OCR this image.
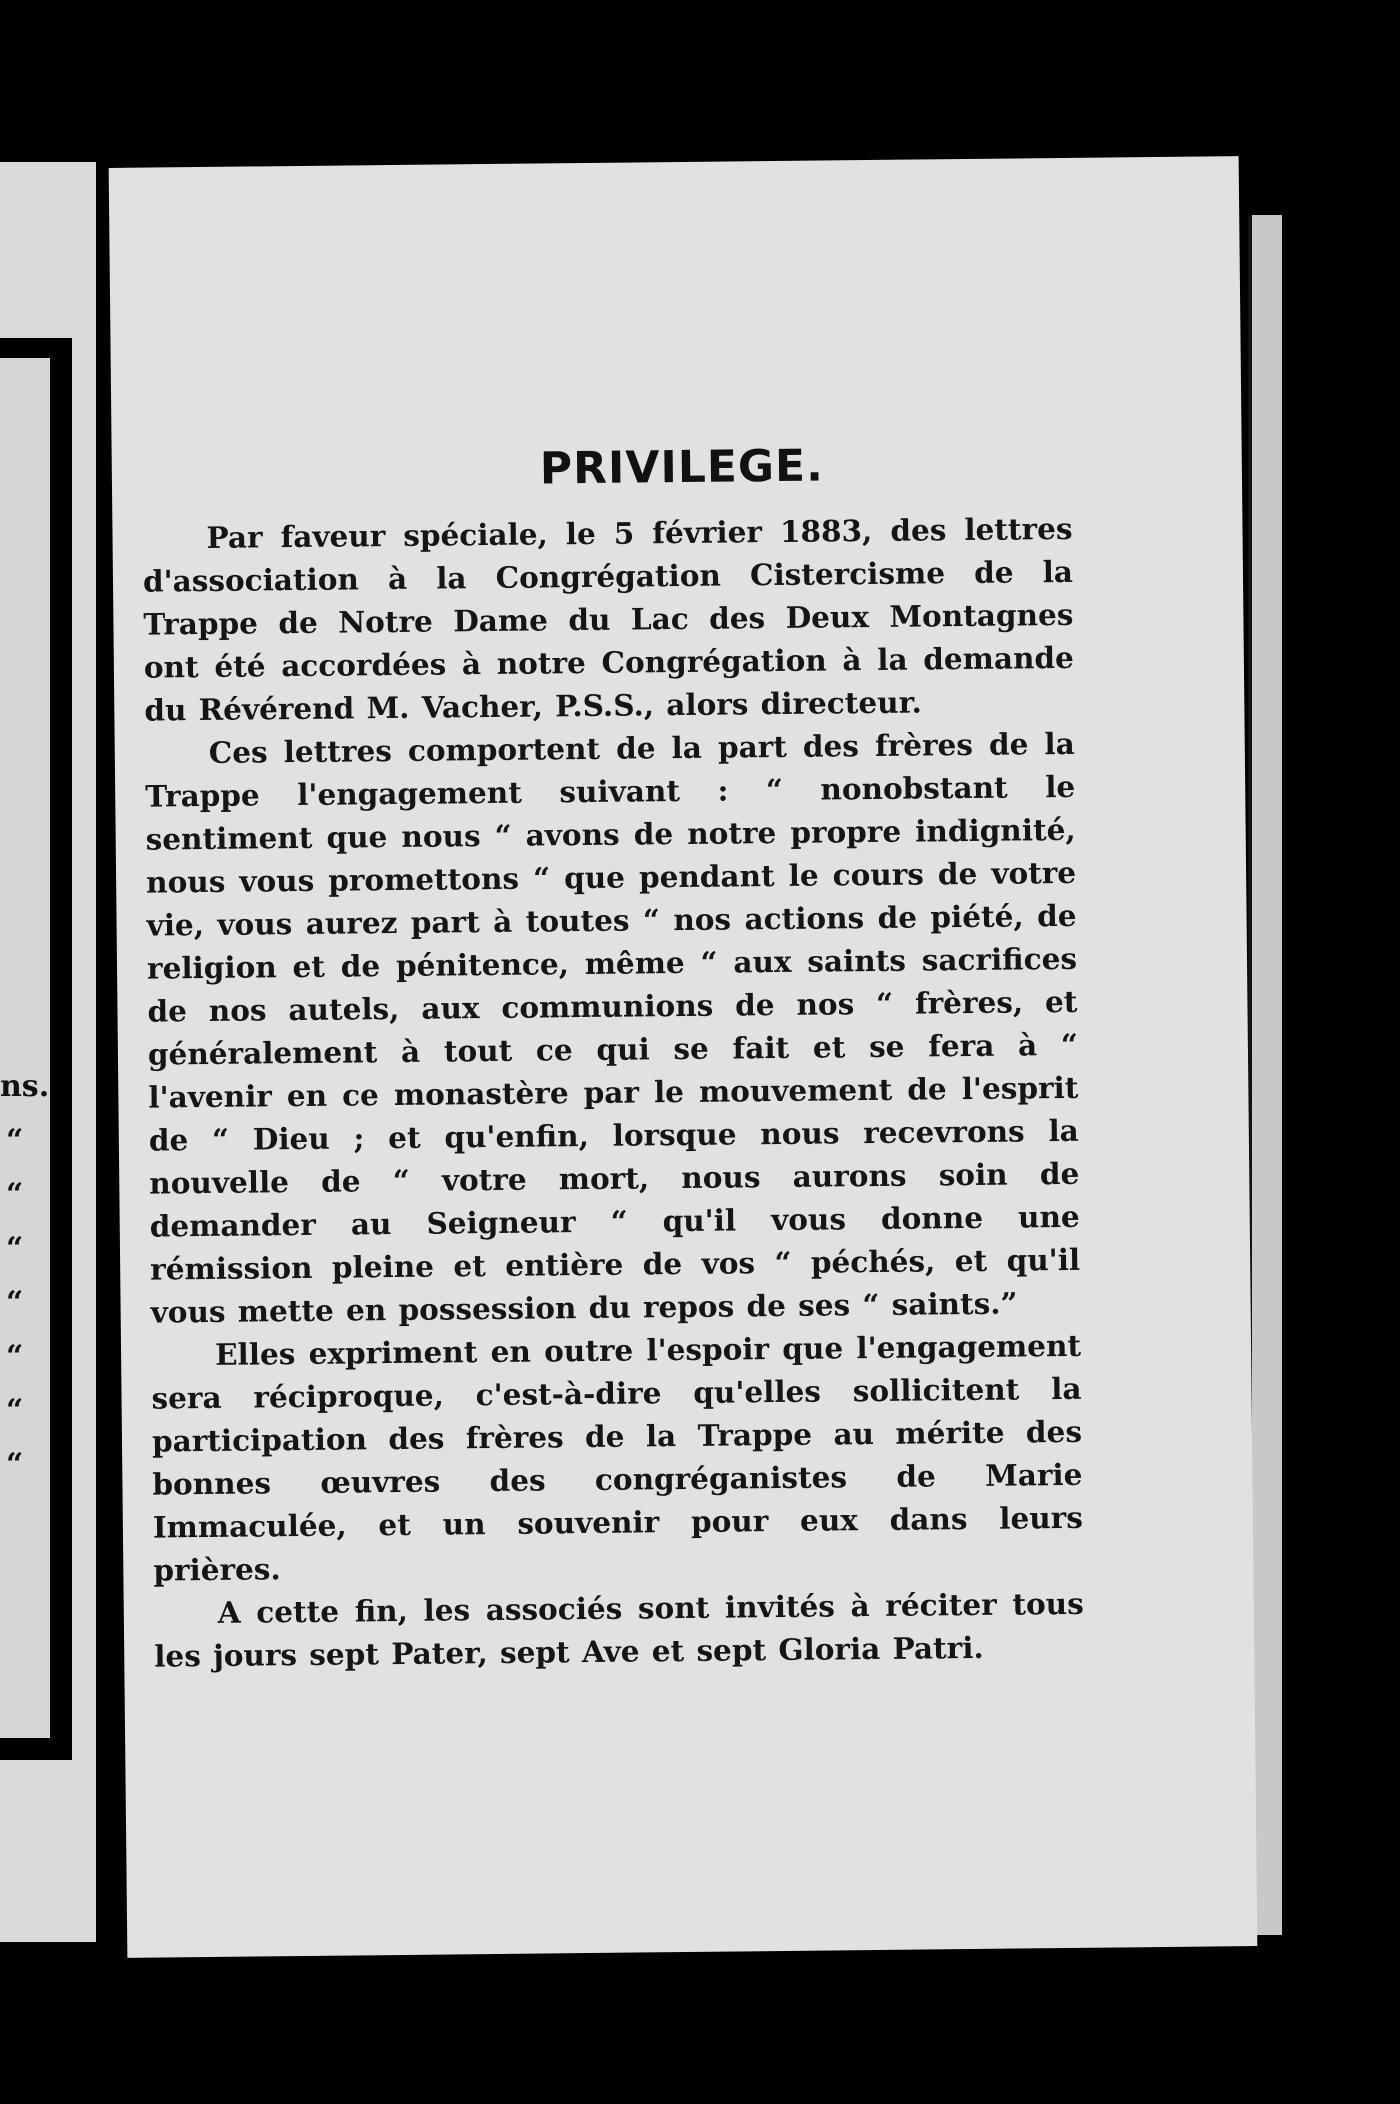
ns.
“
“
“
“
“
“
“
PRIVILEGE.

Par faveur spéciale, le 5 février 1883, des lettres d'association à la Congrégation Cistercisme de la Trappe de Notre Dame du Lac des Deux Montagnes ont été accordées à notre Congrégation à la demande du Révérend M. Vacher, P.S.S., alors directeur.

Ces lettres comportent de la part des frères de la Trappe l'engagement suivant : “ nonobstant le sentiment que nous “ avons de notre propre indignité, nous vous promettons “ que pendant le cours de votre vie, vous aurez part à toutes “ nos actions de piété, de religion et de pénitence, même “ aux saints sacrifices de nos autels, aux communions de nos “ frères, et généralement à tout ce qui se fait et se fera à “ l'avenir en ce monastère par le mouvement de l'esprit de “ Dieu ; et qu'enfin, lorsque nous recevrons la nouvelle de “ votre mort, nous aurons soin de demander au Seigneur “ qu'il vous donne une rémission pleine et entière de vos “ péchés, et qu'il vous mette en possession du repos de ses “ saints.”

Elles expriment en outre l'espoir que l'engagement sera réciproque, c'est-à-dire qu'elles sollicitent la participation des frères de la Trappe au mérite des bonnes œuvres des congréganistes de Marie Immaculée, et un souvenir pour eux dans leurs prières.

A cette fin, les associés sont invités à réciter tous les jours sept Pater, sept Ave et sept Gloria Patri.
